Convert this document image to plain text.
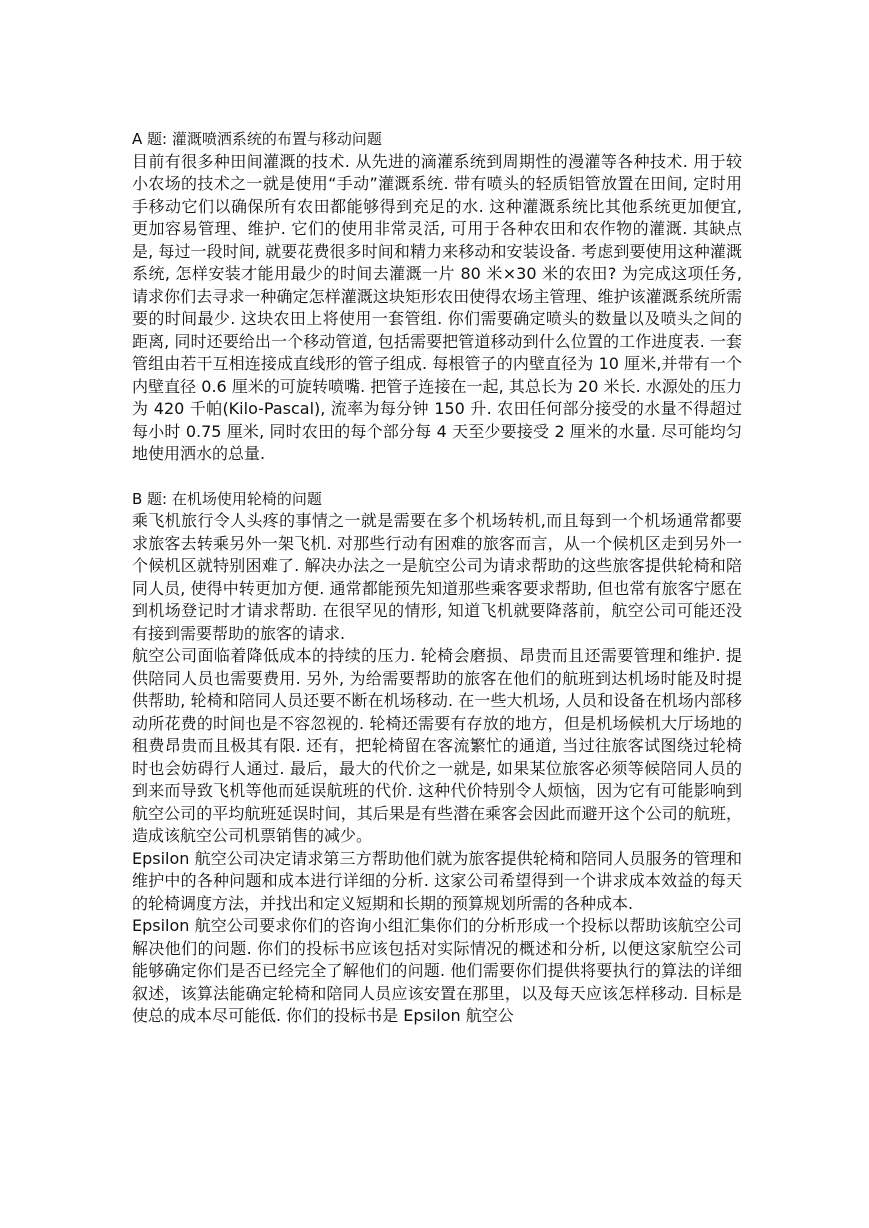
A 题: 灌溉喷洒系统的布置与移动问题

目前有很多种田间灌溉的技术. 从先进的滴灌系统到周期性的漫灌等各种技术. 用于较小农场的技术之一就是使用“手动”灌溉系统. 带有喷头的轻质铝管放置在田间, 定时用手移动它们以确保所有农田都能够得到充足的水. 这种灌溉系统比其他系统更加便宜, 更加容易管理、维护. 它们的使用非常灵活, 可用于各种农田和农作物的灌溉. 其缺点是, 每过一段时间, 就要花费很多时间和精力来移动和安装设备. 考虑到要使用这种灌溉系统, 怎样安装才能用最少的时间去灌溉一片 80 米×30 米的农田? 为完成这项任务, 请求你们去寻求一种确定怎样灌溉这块矩形农田使得农场主管理、维护该灌溉系统所需要的时间最少. 这块农田上将使用一套管组. 你们需要确定喷头的数量以及喷头之间的距离, 同时还要给出一个移动管道, 包括需要把管道移动到什么位置的工作进度表. 一套管组由若干互相连接成直线形的管子组成. 每根管子的内壁直径为 10 厘米,并带有一个内壁直径 0.6 厘米的可旋转喷嘴. 把管子连接在一起, 其总长为 20 米长. 水源处的压力为 420 千帕(Kilo-Pascal), 流率为每分钟 150 升. 农田任何部分接受的水量不得超过每小时 0.75 厘米, 同时农田的每个部分每 4 天至少要接受 2 厘米的水量. 尽可能均匀地使用洒水的总量.

B 题: 在机场使用轮椅的问题

乘飞机旅行令人头疼的事情之一就是需要在多个机场转机,而且每到一个机场通常都要求旅客去转乘另外一架飞机. 对那些行动有困难的旅客而言，从一个候机区走到另外一个候机区就特别困难了. 解决办法之一是航空公司为请求帮助的这些旅客提供轮椅和陪同人员, 使得中转更加方便. 通常都能预先知道那些乘客要求帮助, 但也常有旅客宁愿在到机场登记时才请求帮助. 在很罕见的情形, 知道飞机就要降落前，航空公司可能还没有接到需要帮助的旅客的请求.

航空公司面临着降低成本的持续的压力. 轮椅会磨损、昂贵而且还需要管理和维护. 提供陪同人员也需要费用. 另外, 为给需要帮助的旅客在他们的航班到达机场时能及时提供帮助, 轮椅和陪同人员还要不断在机场移动. 在一些大机场, 人员和设备在机场内部移动所花费的时间也是不容忽视的. 轮椅还需要有存放的地方，但是机场候机大厅场地的租费昂贵而且极其有限. 还有，把轮椅留在客流繁忙的通道, 当过往旅客试图绕过轮椅时也会妨碍行人通过. 最后，最大的代价之一就是, 如果某位旅客必须等候陪同人员的到来而导致飞机等他而延误航班的代价. 这种代价特别令人烦恼，因为它有可能影响到航空公司的平均航班延误时间，其后果是有些潜在乘客会因此而避开这个公司的航班，造成该航空公司机票销售的减少。

Epsilon 航空公司决定请求第三方帮助他们就为旅客提供轮椅和陪同人员服务的管理和维护中的各种问题和成本进行详细的分析. 这家公司希望得到一个讲求成本效益的每天的轮椅调度方法，并找出和定义短期和长期的预算规划所需的各种成本.

Epsilon 航空公司要求你们的咨询小组汇集你们的分析形成一个投标以帮助该航空公司解决他们的问题. 你们的投标书应该包括对实际情况的概述和分析, 以便这家航空公司能够确定你们是否已经完全了解他们的问题. 他们需要你们提供将要执行的算法的详细叙述，该算法能确定轮椅和陪同人员应该安置在那里，以及每天应该怎样移动. 目标是使总的成本尽可能低. 你们的投标书是 Epsilon 航空公
